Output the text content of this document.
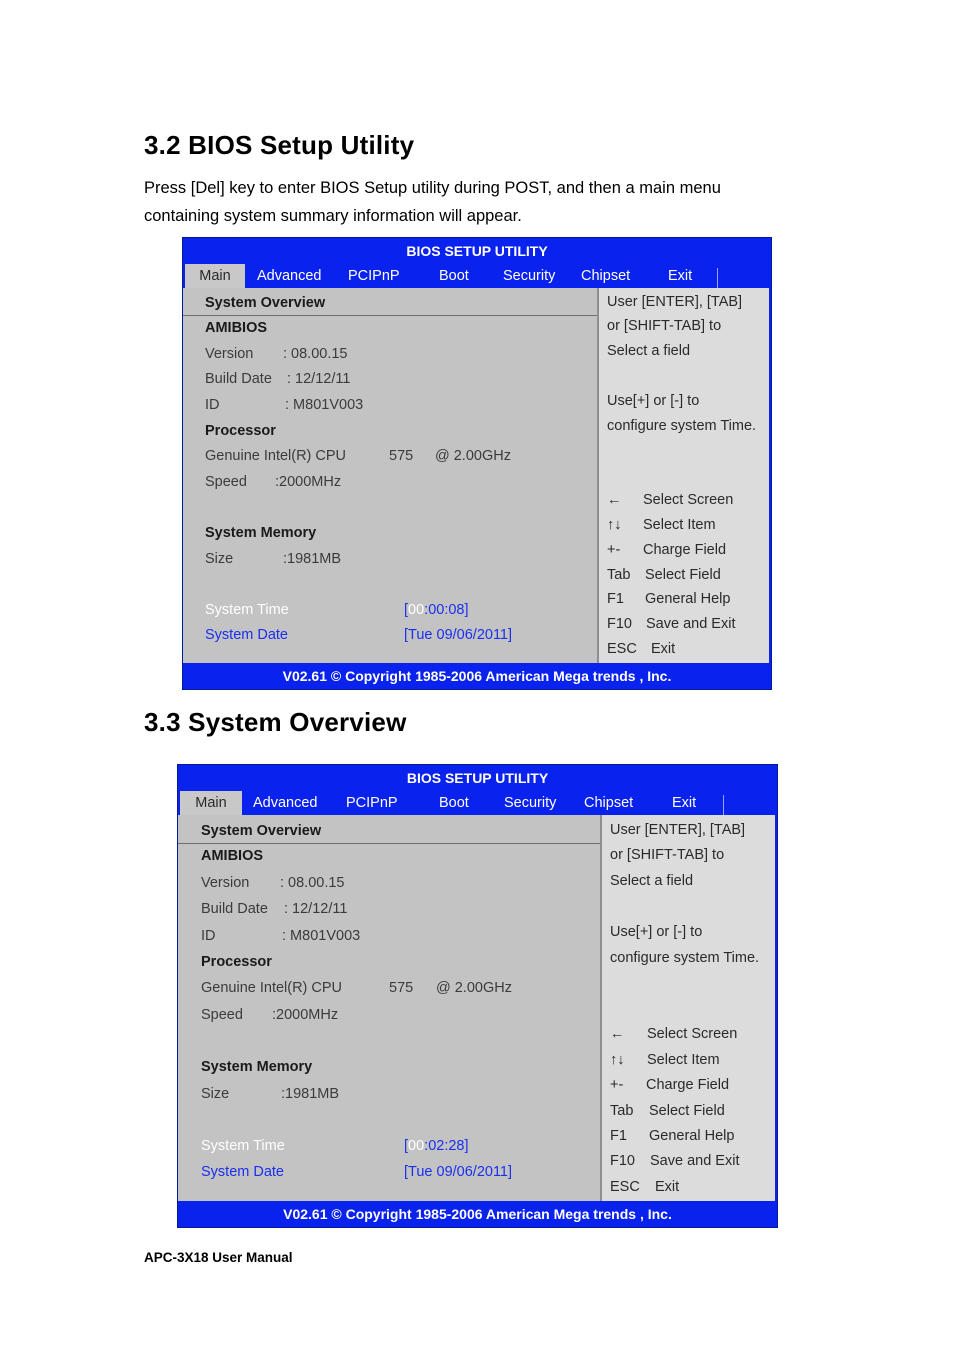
3.2 BIOS Setup Utility
Press [Del] key to enter BIOS Setup utility during POST, and then a main menu
containing system summary information will appear.
BIOS SETUP UTILITY
Main	Advanced PCIPnP	Boot Security Chipset	Exit
System Overview
AMIBIOS
Version : 08.00.15
Build Date : 12/12/11
ID	: M801V003
Processor
Genuine Intel(R) CPU	575 @ 2.00GHz
Speed :2000MHz
System Memory
Size	:1981MB
System Time	[00:00:08]
System Date	[Tue 09/06/2011]
User [ENTER], [TAB]
or [SHIFT-TAB] to
Select a field
Use[+] or [-] to
configure system Time.
← Select Screen
↑↓ Select Item
+- Charge Field
Tab Select Field
F1 General Help
F10 Save and Exit
ESC Exit
V02.61 © Copyright 1985-2006 American Mega trends , Inc.
3.3 System Overview
BIOS SETUP UTILITY
Main	Advanced PCIPnP	Boot Security Chipset	Exit
System Overview
AMIBIOS
Version : 08.00.15
Build Date : 12/12/11
ID	: M801V003
Processor
Genuine Intel(R) CPU	575 @ 2.00GHz
Speed :2000MHz
System Memory
Size	:1981MB
System Time	[00:02:28]
System Date	[Tue 09/06/2011]
User [ENTER], [TAB]
or [SHIFT-TAB] to
Select a field
Use[+] or [-] to
configure system Time.
← Select Screen
↑↓ Select Item
+- Charge Field
Tab Select Field
F1 General Help
F10 Save and Exit
ESC Exit
V02.61 © Copyright 1985-2006 American Mega trends , Inc.
APC-3X18 User Manual
